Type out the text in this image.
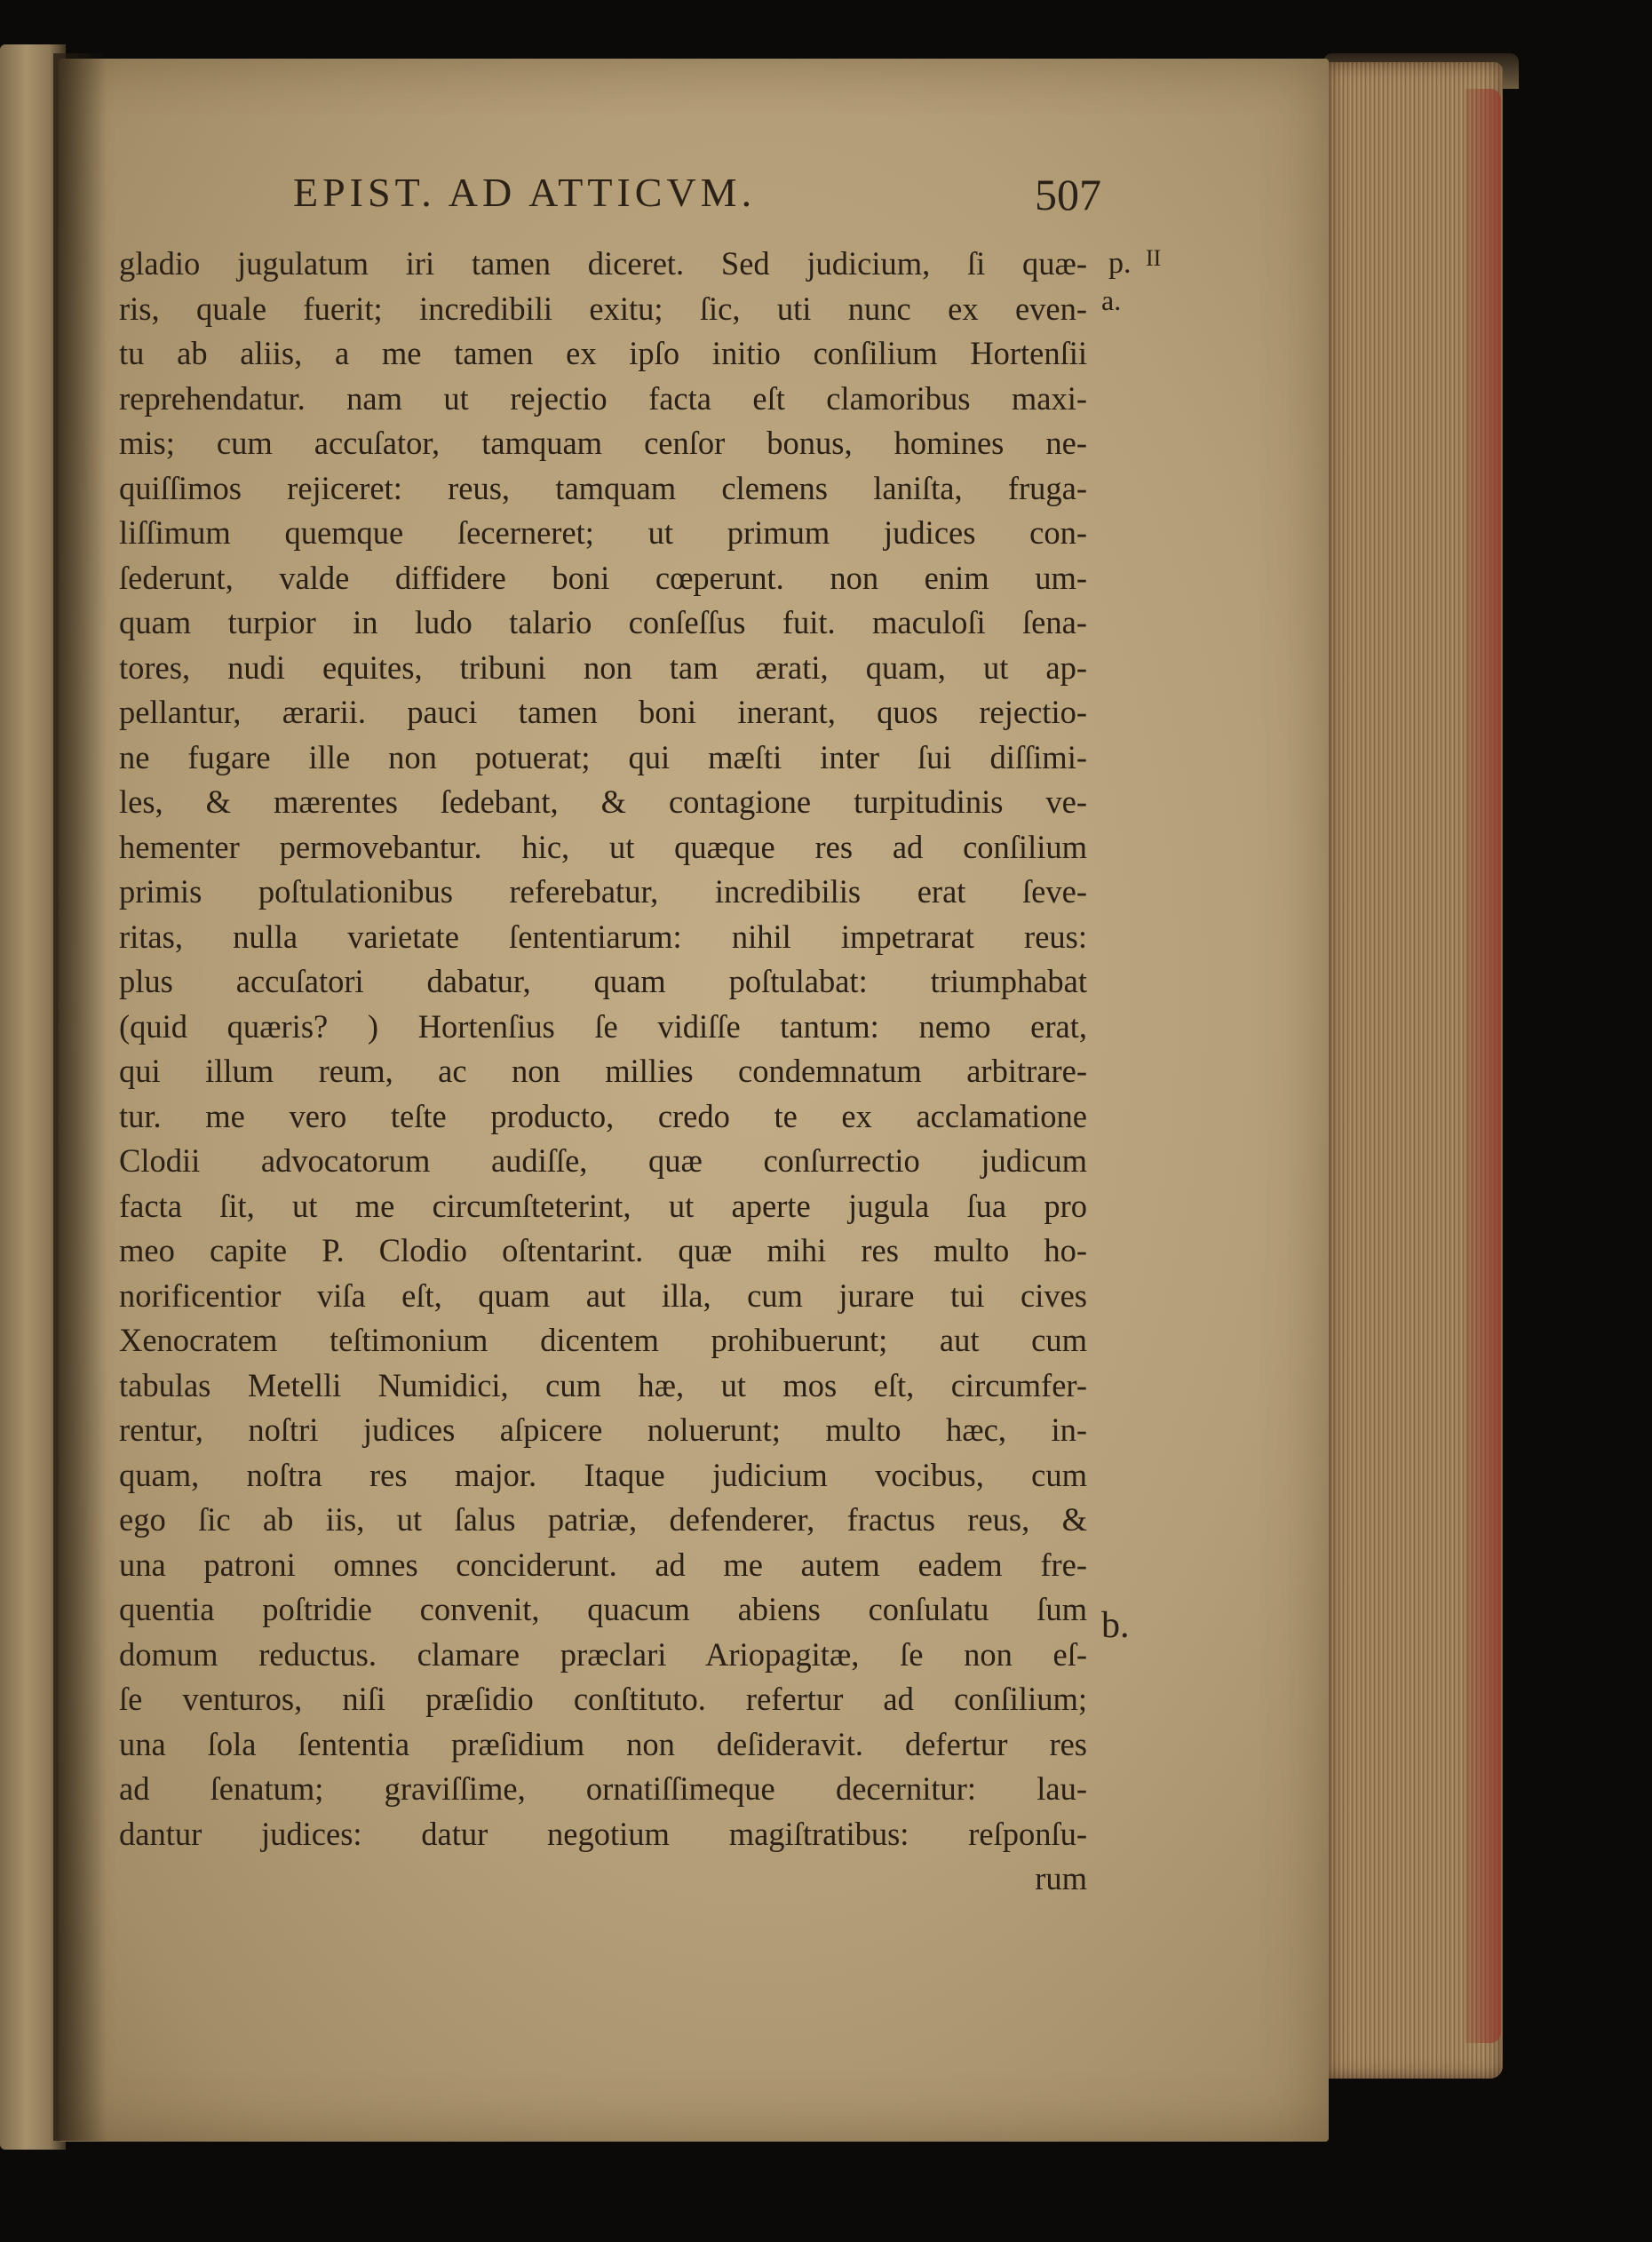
EPIST. AD ATTICVM.	507
p. II
a.
b.
gladio jugulatum iri tamen diceret. Sed judicium, ſi quæ-
ris, quale fuerit; incredibili exitu; ſic, uti nunc ex even-
tu ab aliis, a me tamen ex ipſo initio conſilium Hortenſii
reprehendatur. nam ut rejectio facta eſt clamoribus maxi-
mis; cum accuſator, tamquam cenſor bonus, homines ne-
quiſſimos rejiceret: reus, tamquam clemens laniſta, fruga-
liſſimum quemque ſecerneret; ut primum judices con-
ſederunt, valde diffidere boni cœperunt. non enim um-
quam turpior in ludo talario conſeſſus fuit. maculoſi ſena-
tores, nudi equites, tribuni non tam ærati, quam, ut ap-
pellantur, ærarii. pauci tamen boni inerant, quos rejectio-
ne fugare ille non potuerat; qui mæſti inter ſui diſſimi-
les, & mærentes ſedebant, & contagione turpitudinis ve-
hementer permovebantur. hic, ut quæque res ad conſilium
primis poſtulationibus referebatur, incredibilis erat ſeve-
ritas, nulla varietate ſententiarum: nihil impetrarat reus:
plus accuſatori dabatur, quam poſtulabat: triumphabat
(quid quæris? ) Hortenſius ſe vidiſſe tantum: nemo erat,
qui illum reum, ac non millies condemnatum arbitrare-
tur. me vero teſte producto, credo te ex acclamatione
Clodii advocatorum audiſſe, quæ conſurrectio judicum
facta ſit, ut me circumſteterint, ut aperte jugula ſua pro
meo capite P. Clodio oſtentarint. quæ mihi res multo ho-
norificentior viſa eſt, quam aut illa, cum jurare tui cives
Xenocratem teſtimonium dicentem prohibuerunt; aut cum
tabulas Metelli Numidici, cum hæ, ut mos eſt, circumfer-
rentur, noſtri judices aſpicere noluerunt; multo hæc, in-
quam, noſtra res major. Itaque judicium vocibus, cum
ego ſic ab iis, ut ſalus patriæ, defenderer, fractus reus, &
una patroni omnes conciderunt. ad me autem eadem fre-
quentia poſtridie convenit, quacum abiens conſulatu ſum
domum reductus. clamare præclari Ariopagitæ, ſe non eſ-
ſe venturos, niſi præſidio conſtituto. refertur ad conſilium;
una ſola ſententia præſidium non deſideravit. defertur res
ad ſenatum; graviſſime, ornatiſſimeque decernitur: lau-
dantur judices: datur negotium magiſtratibus: reſponſu-
rum
